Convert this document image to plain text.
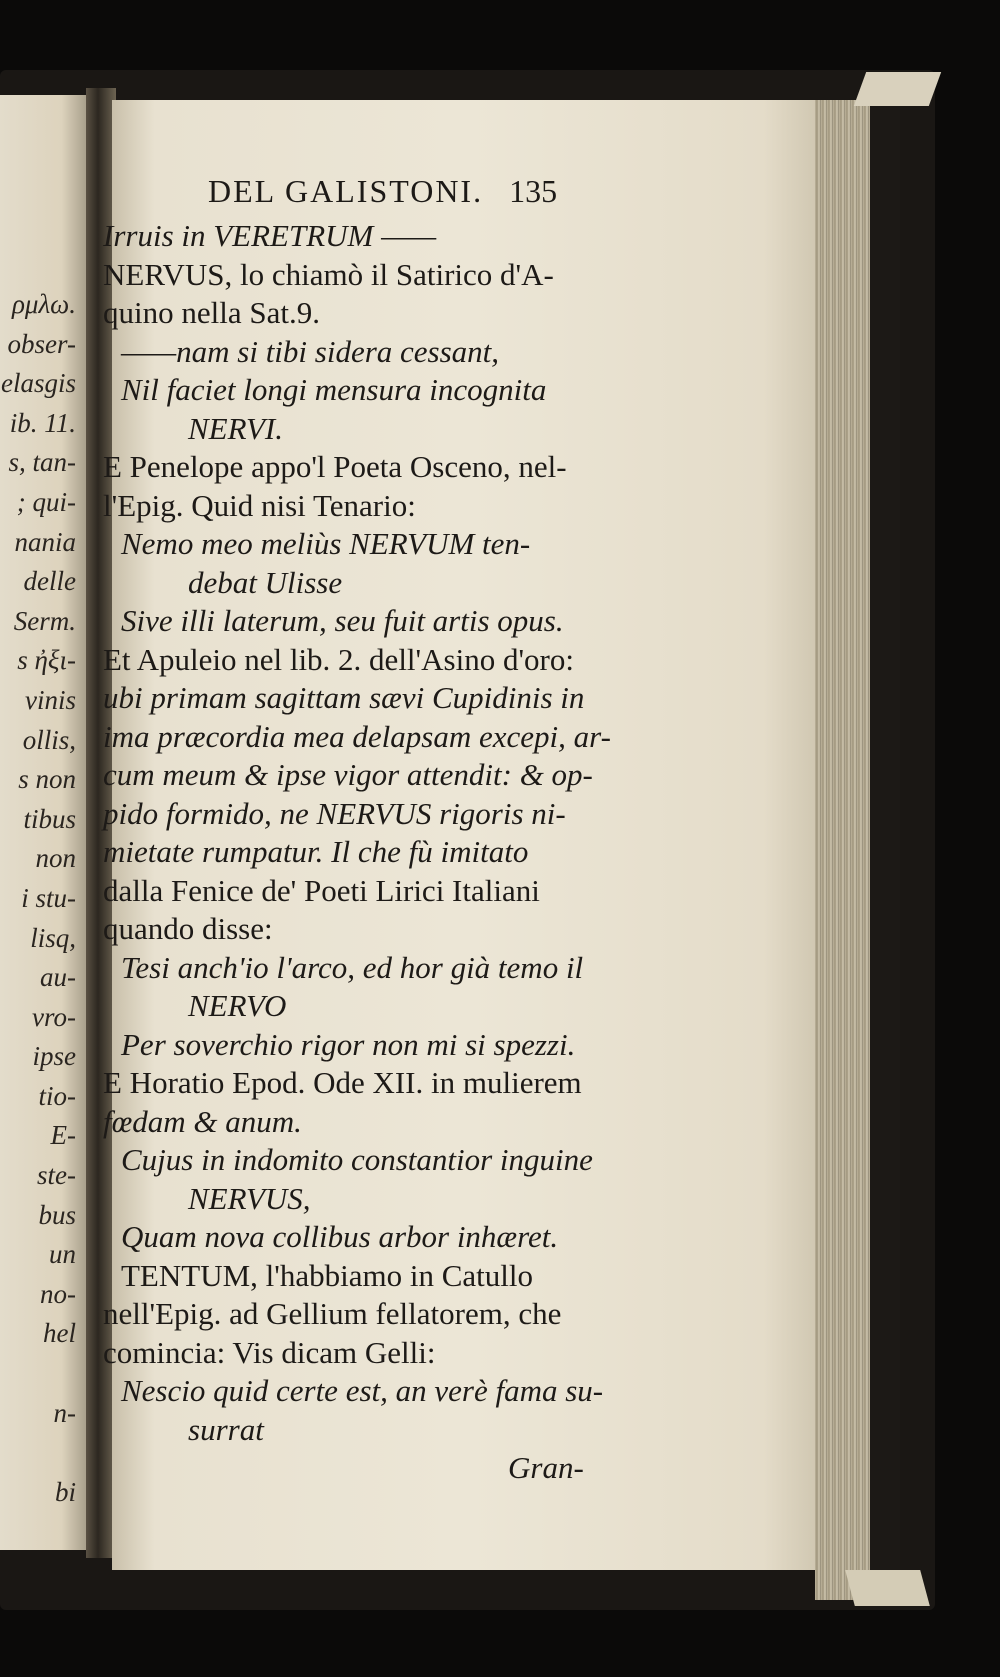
ρμλω.
obser-
elasgis
ib. 11.
s, tan-
; qui-
nania
delle
Serm.
s ἠξι-
vinis
ollis,
s non
tibus
non
i stu-
lisq,
au-
vro-
ipse
tio-
E-
ste-
bus
un
no-
hel
n-
bi
DEL GALISTONI. 135
Irruis in VERETRUM ——
NERVUS, lo chiamò il Satirico d'A-
quino nella Sat.9.
——nam si tibi sidera cessant,
Nil faciet longi mensura incognita
NERVI.
E Penelope appo'l Poeta Osceno, nel-
l'Epig. Quid nisi Tenario:
Nemo meo meliùs NERVUM ten-
debat Ulisse
Sive illi laterum, seu fuit artis opus.
Et Apuleio nel lib. 2. dell'Asino d'oro:
ubi primam sagittam sævi Cupidinis in
ima præcordia mea delapsam excepi, ar-
cum meum & ipse vigor attendit: & op-
pido formido, ne NERVUS rigoris ni-
mietate rumpatur. Il che fù imitato
dalla Fenice de' Poeti Lirici Italiani
quando disse:
Tesi anch'io l'arco, ed hor già temo il
NERVO
Per soverchio rigor non mi si spezzi.
E Horatio Epod. Ode XII. in mulierem
fœdam & anum.
Cujus in indomito constantior inguine
NERVUS,
Quam nova collibus arbor inhæret.
TENTUM, l'habbiamo in Catullo
nell'Epig. ad Gellium fellatorem, che
comincia: Vis dicam Gelli:
Nescio quid certe est, an verè fama su-
surrat
Gran-
